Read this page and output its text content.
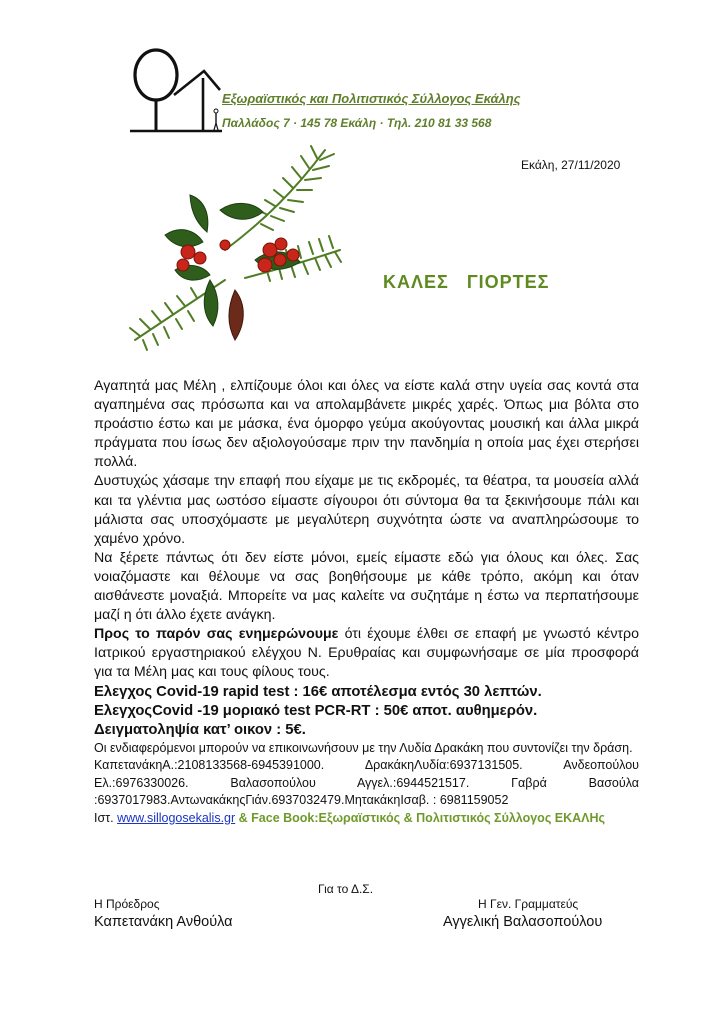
Εξωραϊστικός και Πολιτιστικός Σύλλογος Εκάλης
Παλλάδος 7 · 145 78 Εκάλη · Τηλ. 210 81 33 568
Εκάλη, 27/11/2020
ΚΑΛΕΣ   ΓΙΟΡΤΕΣ

Αγαπητά μας Μέλη , ελπίζουμε όλοι και όλες να είστε καλά στην υγεία σας κοντά στα αγαπημένα σας πρόσωπα και να απολαμβάνετε μικρές χαρές. Όπως μια βόλτα στο προάστιο έστω και με μάσκα, ένα όμορφο γεύμα ακούγοντας μουσική και άλλα μικρά πράγματα που ίσως δεν αξιολογούσαμε πριν την πανδημία η οποία μας έχει στερήσει πολλά.

Δυστυχώς χάσαμε την επαφή που είχαμε με τις εκδρομές, τα θέατρα, τα μουσεία αλλά και τα γλέντια μας ωστόσο είμαστε σίγουροι ότι σύντομα θα τα ξεκινήσουμε πάλι και μάλιστα σας υποσχόμαστε με μεγαλύτερη συχνότητα ώστε να αναπληρώσουμε το χαμένο χρόνο.

Να ξέρετε πάντως ότι δεν είστε μόνοι, εμείς είμαστε εδώ για όλους και όλες. Σας νοιαζόμαστε και θέλουμε να σας βοηθήσουμε με κάθε τρόπο, ακόμη και όταν αισθάνεστε μοναξιά. Μπορείτε να μας καλείτε να συζητάμε η έστω να περπατήσουμε μαζί η ότι άλλο έχετε ανάγκη.

Προς το παρόν σας ενημερώνουμε ότι έχουμε έλθει σε επαφή με γνωστό κέντρο Ιατρικού εργαστηριακού ελέγχου Ν. Ερυθραίας και συμφωνήσαμε σε μία προσφορά για τα Μέλη μας και τους φίλους τους.

Ελεγχος Covid-19 rapid test : 16€ αποτέλεσμα εντός 30 λεπτών.

ΕλεγχοςCovid -19 μοριακό test PCR-RT : 50€ αποτ. αυθημερόν.

Δειγματοληψία κατ’ οικον : 5€.

Οι ενδιαφερόμενοι μπορούν να επικοινωνήσουν με την Λυδία Δρακάκη που συντονίζει την δράση.

ΚαπετανάκηΑ.:2108133568-6945391000. ΔρακάκηΛυδία:6937131505. Ανδεοπούλου Ελ.:6976330026. Βαλασοπούλου Αγγελ.:6944521517. Γαβρά Βασούλα :6937017983.ΑντωνακάκηςΓιάν.6937032479.ΜητακάκηΙσαβ. : 6981159052

Ιστ. www.sillogosekalis.gr & Face Book:Εξωραϊστικός & Πολιτιστικός Σύλλογος ΕΚΑΛΗς

Για το Δ.Σ.
Η Πρόεδρος
Καπετανάκη Ανθούλα
Η Γεν. Γραμματεύς
Αγγελική Βαλασοπούλου
